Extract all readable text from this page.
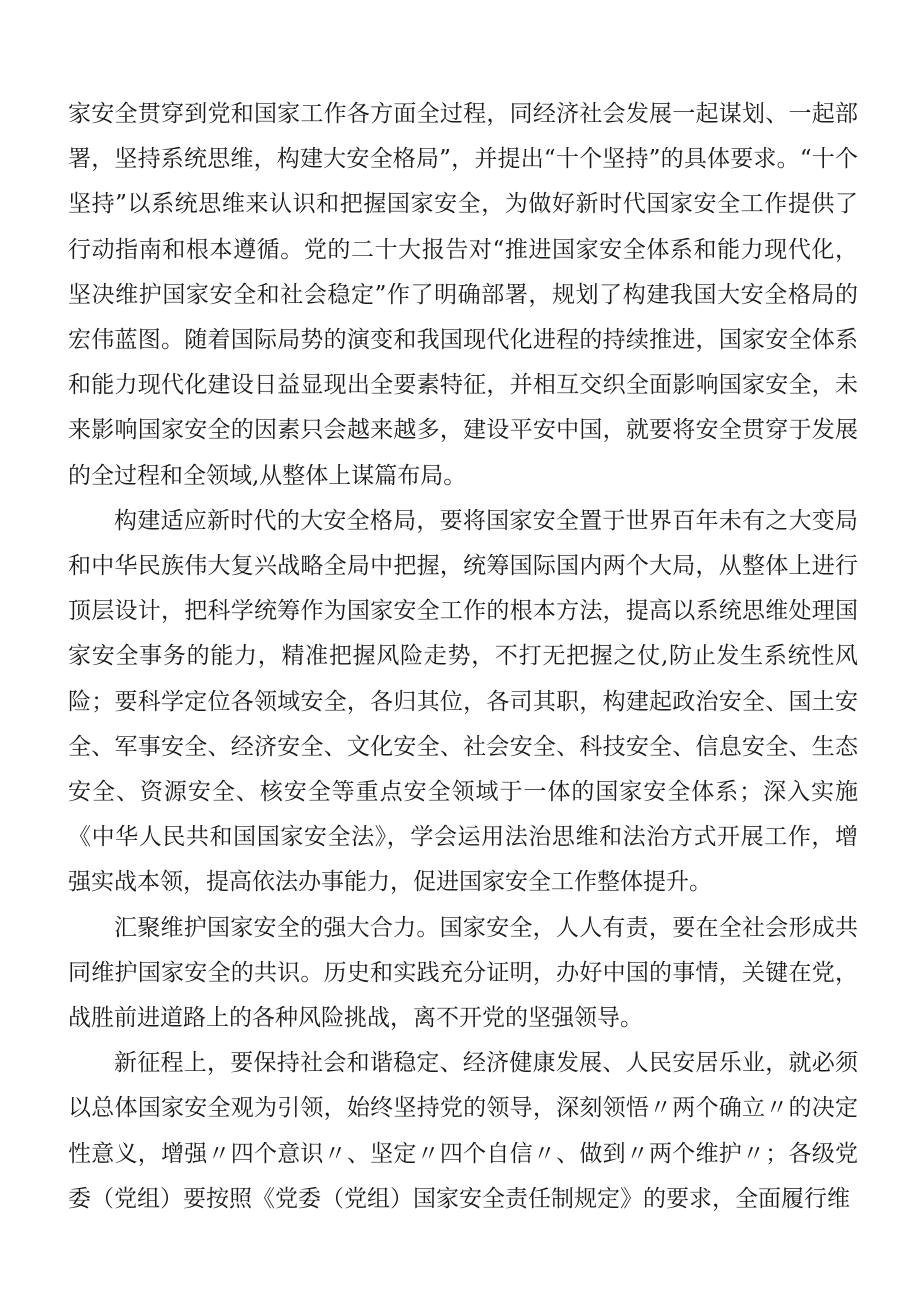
家安全贯穿到党和国家工作各方面全过程，同经济社会发展一起谋划、一起部署，坚持系统思维，构建大安全格局”，并提出“十个坚持”的具体要求。“十个坚持”以系统思维来认识和把握国家安全，为做好新时代国家安全工作提供了行动指南和根本遵循。党的二十大报告对“推进国家安全体系和能力现代化，坚决维护国家安全和社会稳定”作了明确部署，规划了构建我国大安全格局的宏伟蓝图。随着国际局势的演变和我国现代化进程的持续推进，国家安全体系和能力现代化建设日益显现出全要素特征，并相互交织全面影响国家安全，未来影响国家安全的因素只会越来越多，建设平安中国，就要将安全贯穿于发展的全过程和全领域,从整体上谋篇布局。

构建适应新时代的大安全格局，要将国家安全置于世界百年未有之大变局和中华民族伟大复兴战略全局中把握，统筹国际国内两个大局，从整体上进行顶层设计，把科学统筹作为国家安全工作的根本方法，提高以系统思维处理国家安全事务的能力，精准把握风险走势，不打无把握之仗,防止发生系统性风险；要科学定位各领域安全，各归其位，各司其职，构建起政治安全、国土安全、军事安全、经济安全、文化安全、社会安全、科技安全、信息安全、生态安全、资源安全、核安全等重点安全领域于一体的国家安全体系；深入实施《中华人民共和国国家安全法》，学会运用法治思维和法治方式开展工作，增强实战本领，提高依法办事能力，促进国家安全工作整体提升。

汇聚维护国家安全的强大合力。国家安全，人人有责，要在全社会形成共同维护国家安全的共识。历史和实践充分证明，办好中国的事情，关键在党，战胜前进道路上的各种风险挑战，离不开党的坚强领导。

新征程上，要保持社会和谐稳定、经济健康发展、人民安居乐业，就必须以总体国家安全观为引领，始终坚持党的领导，深刻领悟〃两个确立〃的决定性意义，增强〃四个意识〃、坚定〃四个自信〃、做到〃两个维护〃；各级党委（党组）要按照《党委（党组）国家安全责任制规定》的要求，全面履行维
